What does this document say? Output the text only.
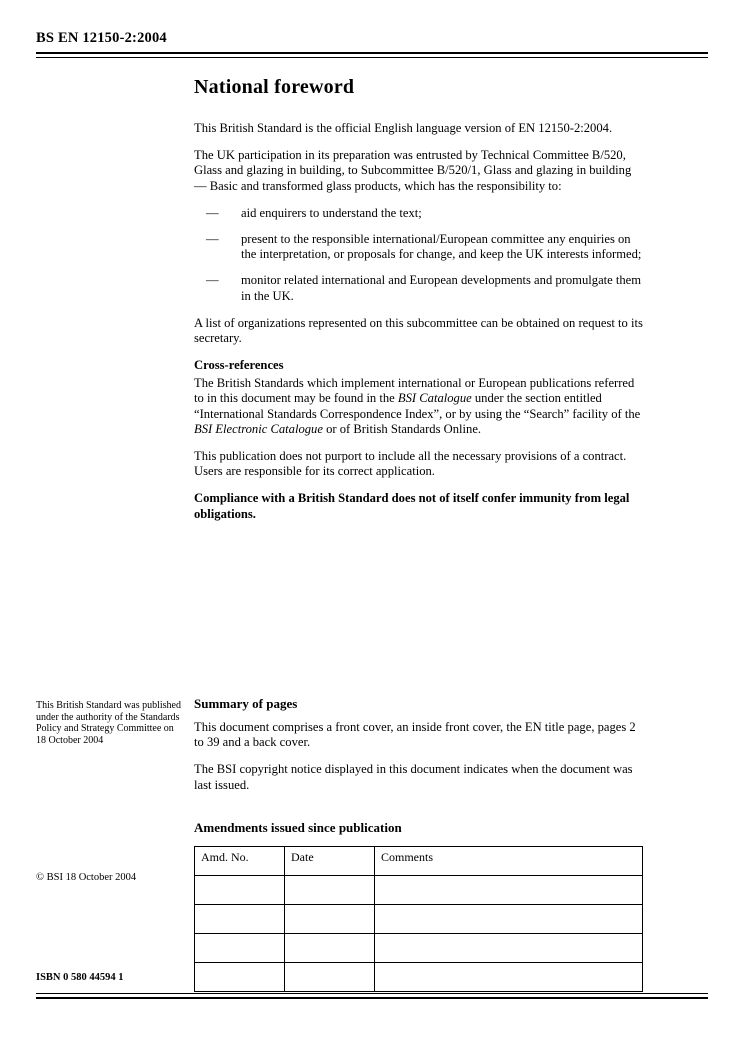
BS EN 12150-2:2004
National foreword

This British Standard is the official English language version of EN 12150-2:2004.

The UK participation in its preparation was entrusted by Technical Committee B/520, Glass and glazing in building, to Subcommittee B/520/1, Glass and glazing in building — Basic and transformed glass products, which has the responsibility to:

— aid enquirers to understand the text;
— present to the responsible international/European committee any enquiries on the interpretation, or proposals for change, and keep the UK interests informed;
— monitor related international and European developments and promulgate them in the UK.

A list of organizations represented on this subcommittee can be obtained on request to its secretary.

Cross-references

The British Standards which implement international or European publications referred to in this document may be found in the BSI Catalogue under the section entitled “International Standards Correspondence Index”, or by using the “Search” facility of the BSI Electronic Catalogue or of British Standards Online.

This publication does not purport to include all the necessary provisions of a contract. Users are responsible for its correct application.

Compliance with a British Standard does not of itself confer immunity from legal obligations.

This British Standard was published under the authority of the Standards Policy and Strategy Committee on 18 October 2004
© BSI 18 October 2004
ISBN 0 580 44594 1
Summary of pages

This document comprises a front cover, an inside front cover, the EN title page, pages 2 to 39 and a back cover.

The BSI copyright notice displayed in this document indicates when the document was last issued.

Amendments issued since publication
Amd. No.	Date	Comments
